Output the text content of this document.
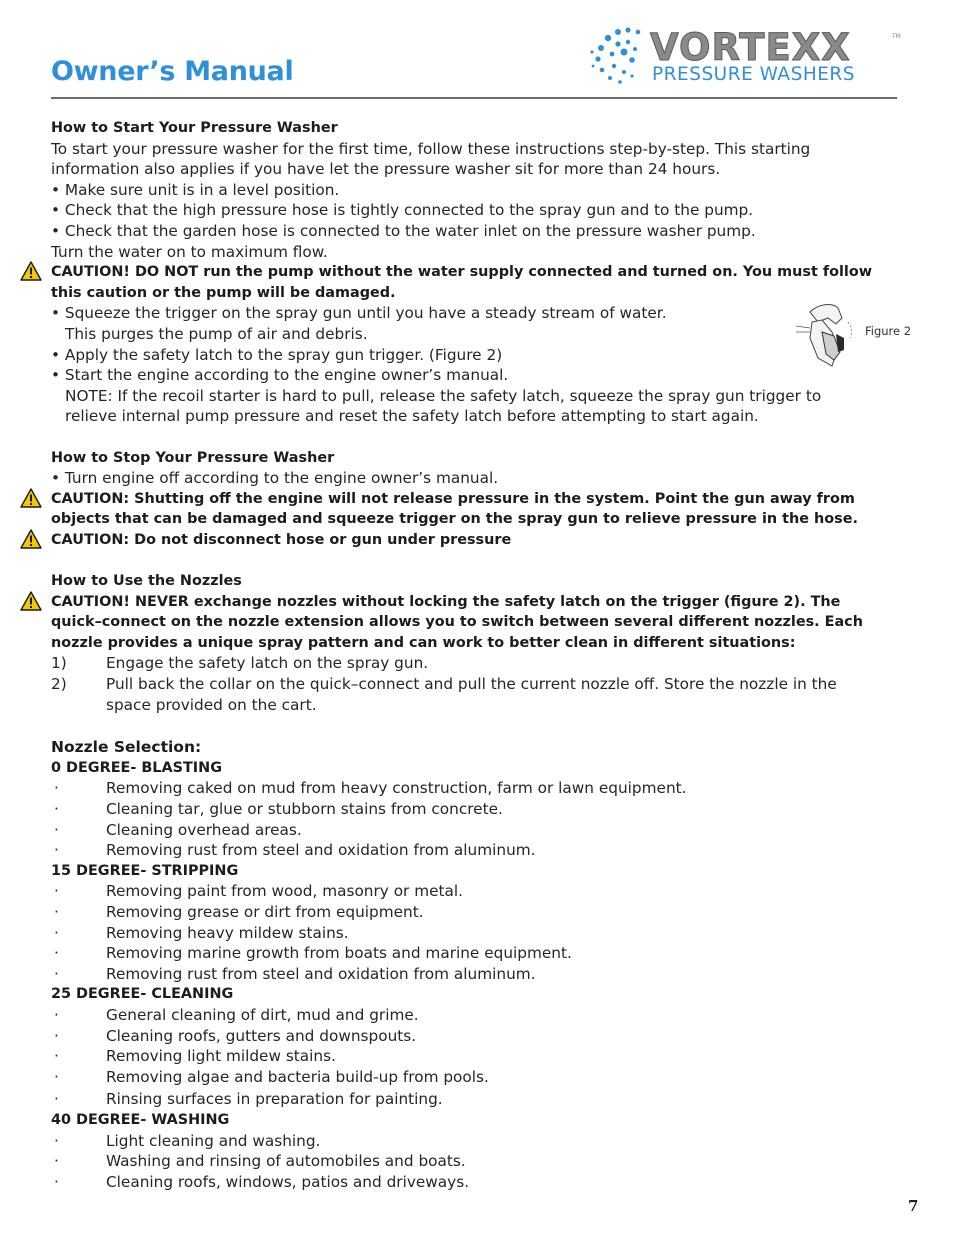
Owner’s Manual
VORTEXX	TM
PRESSURE WASHERS
Figure 2
How to Start Your Pressure Washer
To start your pressure washer for the first time, follow these instructions step-by-step. This starting
information also applies if you have let the pressure washer sit for more than 24 hours.
• Make sure unit is in a level position.
• Check that the high pressure hose is tightly connected to the spray gun and to the pump.
• Check that the garden hose is connected to the water inlet on the pressure washer pump.
Turn the water on to maximum flow.
CAUTION! DO NOT run the pump without the water supply connected and turned on. You must follow
this caution or the pump will be damaged.
• Squeeze the trigger on the spray gun until you have a steady stream of water.
This purges the pump of air and debris.
• Apply the safety latch to the spray gun trigger. (Figure 2)
• Start the engine according to the engine owner’s manual.
NOTE: If the recoil starter is hard to pull, release the safety latch, squeeze the spray gun trigger to
relieve internal pump pressure and reset the safety latch before attempting to start again.
How to Stop Your Pressure Washer
• Turn engine off according to the engine owner’s manual.
CAUTION: Shutting off the engine will not release pressure in the system. Point the gun away from
objects that can be damaged and squeeze trigger on the spray gun to relieve pressure in the hose.
CAUTION: Do not disconnect hose or gun under pressure
How to Use the Nozzles
CAUTION! NEVER exchange nozzles without locking the safety latch on the trigger (figure 2). The
quick–connect on the nozzle extension allows you to switch between several different nozzles. Each
nozzle provides a unique spray pattern and can work to better clean in different situations:
1)	Engage the safety latch on the spray gun.
2)	Pull back the collar on the quick–connect and pull the current nozzle off. Store the nozzle in the
space provided on the cart.
Nozzle Selection:
0 DEGREE- BLASTING
·	Removing caked on mud from heavy construction, farm or lawn equipment.
·	Cleaning tar, glue or stubborn stains from concrete.
·	Cleaning overhead areas.
·	Removing rust from steel and oxidation from aluminum.
15 DEGREE- STRIPPING
·	Removing paint from wood, masonry or metal.
·	Removing grease or dirt from equipment.
·	Removing heavy mildew stains.
·	Removing marine growth from boats and marine equipment.
·	Removing rust from steel and oxidation from aluminum.
25 DEGREE- CLEANING
·	General cleaning of dirt, mud and grime.
·	Cleaning roofs, gutters and downspouts.
·	Removing light mildew stains.
·	Removing algae and bacteria build-up from pools.
·	Rinsing surfaces in preparation for painting.
40 DEGREE- WASHING
·	Light cleaning and washing.
·	Washing and rinsing of automobiles and boats.
·	Cleaning roofs, windows, patios and driveways.
7
